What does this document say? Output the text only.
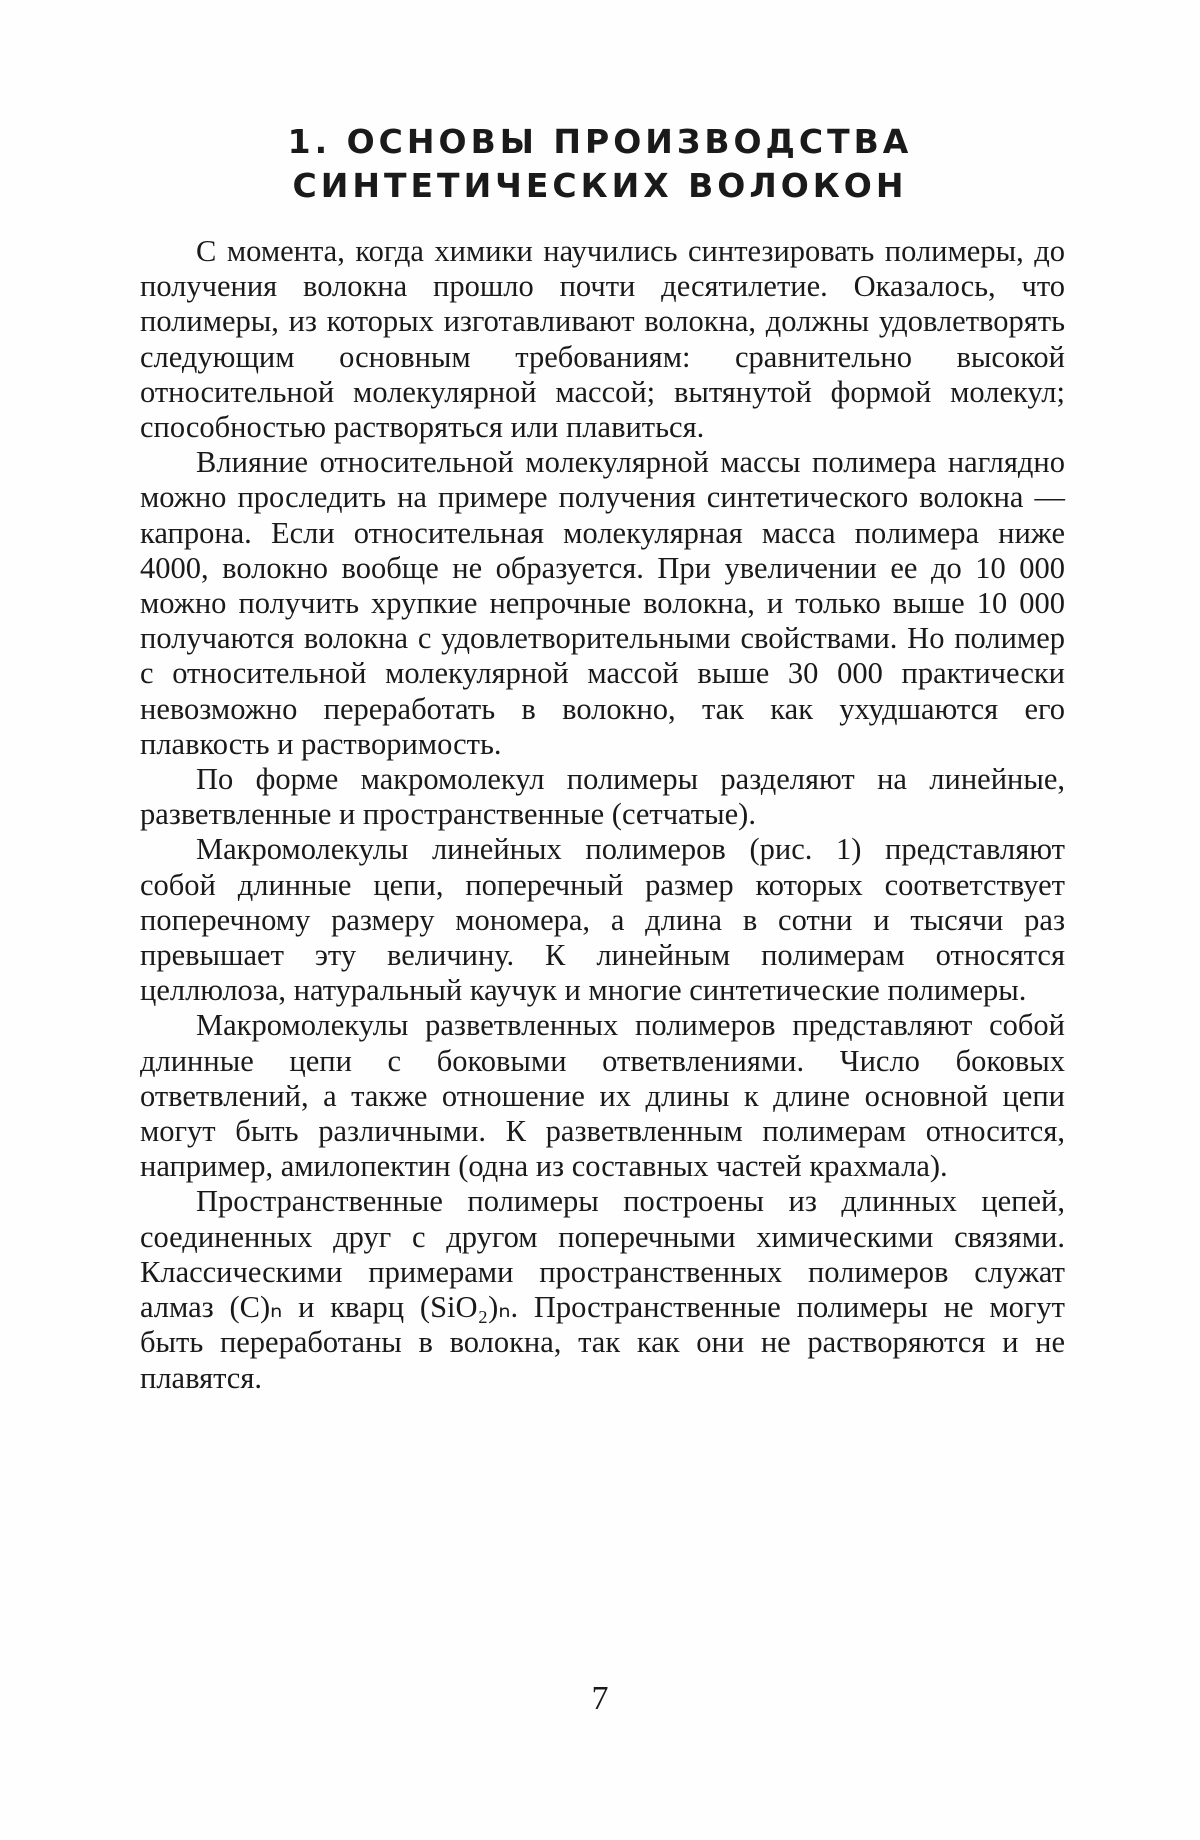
1. ОСНОВЫ ПРОИЗВОДСТВА
СИНТЕТИЧЕСКИХ ВОЛОКОН

С момента, когда химики научились синтезировать полимеры, до получения волокна прошло почти десятилетие. Оказалось, что полимеры, из которых изготавливают волокна, должны удовлетворять следующим основным требованиям: сравнительно высокой относительной молекулярной массой; вытянутой формой молекул; способностью растворяться или плавиться.

Влияние относительной молекулярной массы полимера наглядно можно проследить на примере получения синтетического волокна — капрона. Если относительная молекулярная масса полимера ниже 4000, волокно вообще не образуется. При увеличении ее до 10 000 можно получить хрупкие непрочные волокна, и только выше 10 000 получаются волокна с удовлетворительными свойствами. Но полимер с относительной молекулярной массой выше 30 000 практически невозможно переработать в волокно, так как ухудшаются его плавкость и растворимость.

По форме макромолекул полимеры разделяют на линейные, разветвленные и пространственные (сетчатые).

Макромолекулы линейных полимеров (рис. 1) представляют собой длинные цепи, поперечный размер которых соответствует поперечному размеру мономера, а длина в сотни и тысячи раз превышает эту величину. К линейным полимерам относятся целлюлоза, натуральный каучук и многие синтетические полимеры.

Макромолекулы разветвленных полимеров представляют собой длинные цепи с боковыми ответвлениями. Число боковых ответвлений, а также отношение их длины к длине основной цепи могут быть различными. К разветвленным полимерам относится, например, амилопектин (одна из составных частей крахмала).

Пространственные полимеры построены из длинных цепей, соединенных друг с другом поперечными химическими связями. Классическими примерами пространственных полимеров служат алмаз (С)ₙ и кварц (SiO₂)ₙ. Пространственные полимеры не могут быть переработаны в волокна, так как они не растворяются и не плавятся.

7
